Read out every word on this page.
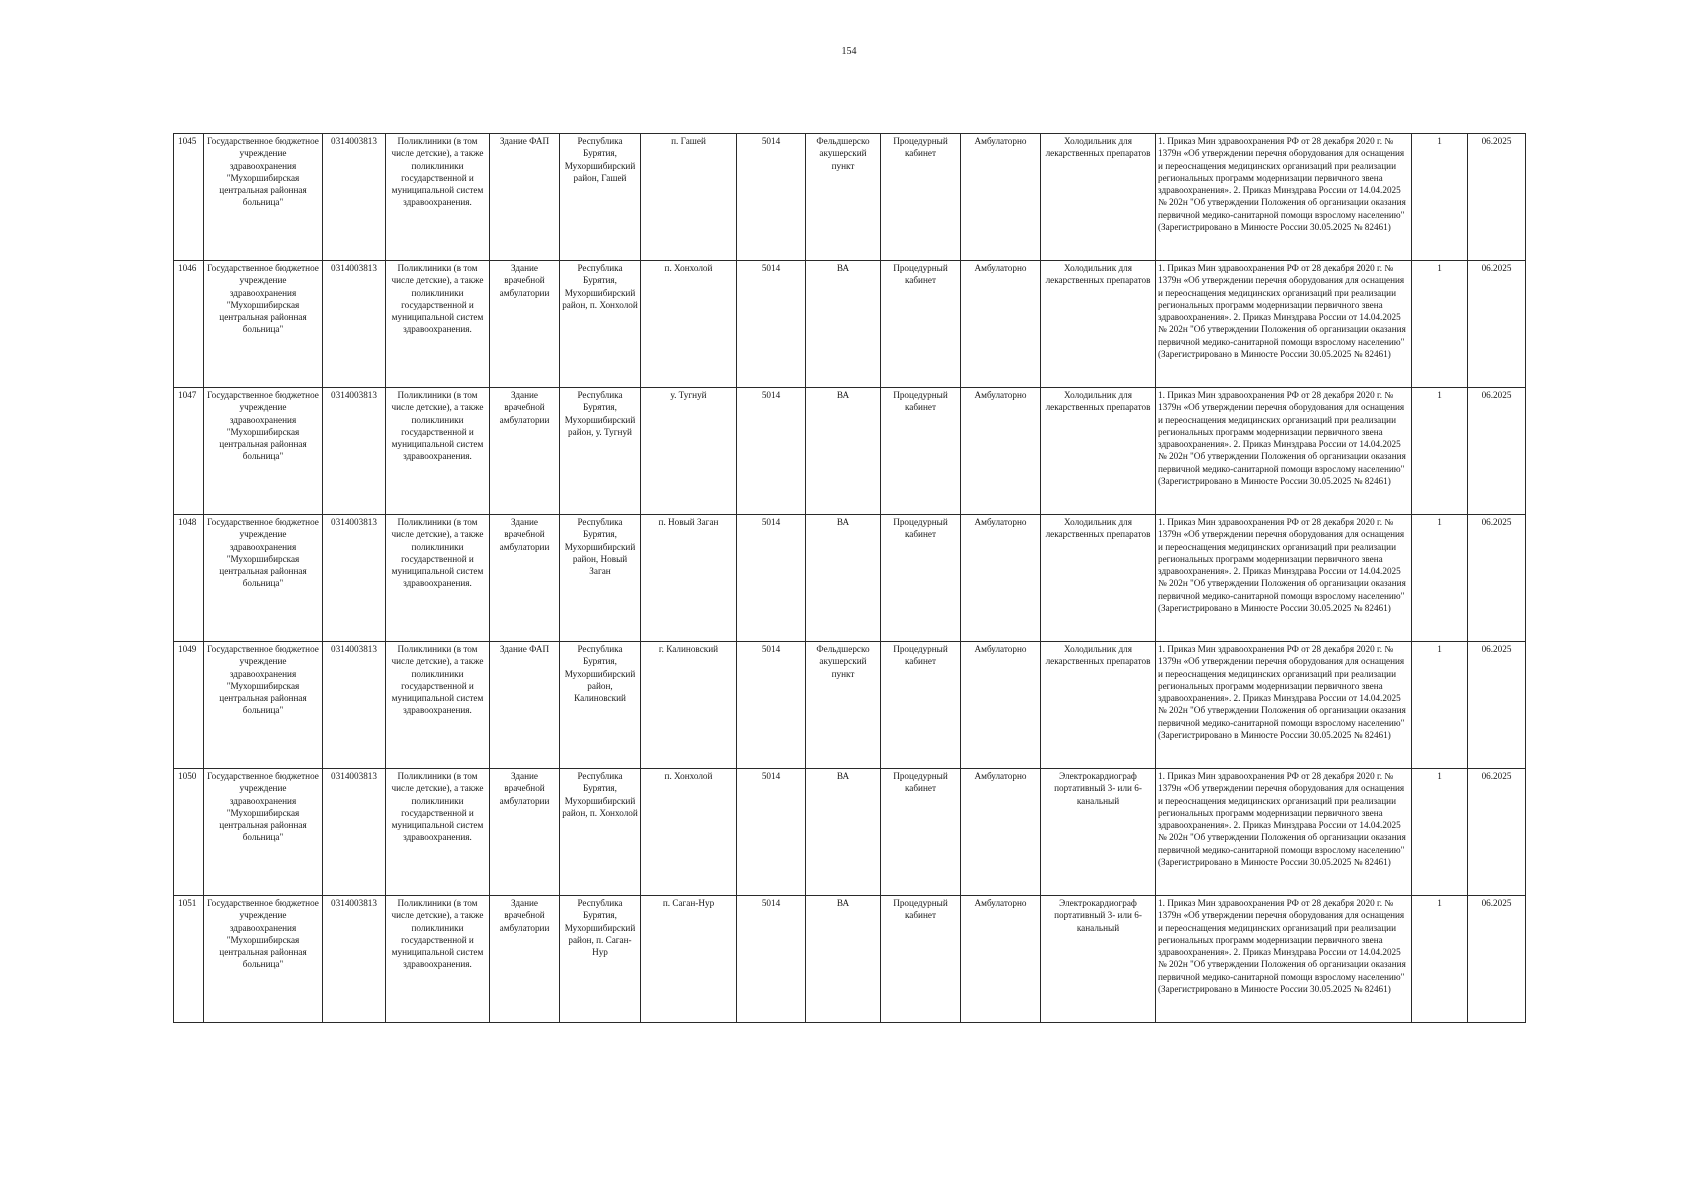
154
1045	Государственное бюджетное учреждение здравоохранения "Мухоршибирская центральная районная больница"	0314003813	Поликлиники (в том числе детские), а также поликлиники государственной и муниципальной систем здравоохранения.	Здание ФАП	Республика Бурятия, Мухоршибирский район, Гашей	п. Гашей	5014	Фельдшерско акушерский пункт	Процедурный кабинет	Амбулаторно	Холодильник для лекарственных препаратов	1. Приказ Мин здравоохранения РФ от 28 декабря 2020 г. № 1379н «Об утверждении перечня оборудования для оснащения и переоснащения медицинских организаций при реализации региональных программ модернизации первичного звена здравоохранения». 2. Приказ Минздрава России от 14.04.2025 № 202н "Об утверждении Положения об организации оказания первичной медико-санитарной помощи взрослому населению" (Зарегистрировано в Минюсте России 30.05.2025 № 82461)	1	06.2025
1046	Государственное бюджетное учреждение здравоохранения "Мухоршибирская центральная районная больница"	0314003813	Поликлиники (в том числе детские), а также поликлиники государственной и муниципальной систем здравоохранения.	Здание врачебной амбулатории	Республика Бурятия, Мухоршибирский район, п. Хонхолой	п. Хонхолой	5014	ВА	Процедурный кабинет	Амбулаторно	Холодильник для лекарственных препаратов	1. Приказ Мин здравоохранения РФ от 28 декабря 2020 г. № 1379н «Об утверждении перечня оборудования для оснащения и переоснащения медицинских организаций при реализации региональных программ модернизации первичного звена здравоохранения». 2. Приказ Минздрава России от 14.04.2025 № 202н "Об утверждении Положения об организации оказания первичной медико-санитарной помощи взрослому населению" (Зарегистрировано в Минюсте России 30.05.2025 № 82461)	1	06.2025
1047	Государственное бюджетное учреждение здравоохранения "Мухоршибирская центральная районная больница"	0314003813	Поликлиники (в том числе детские), а также поликлиники государственной и муниципальной систем здравоохранения.	Здание врачебной амбулатории	Республика Бурятия, Мухоршибирский район, у. Тугнуй	у. Тугнуй	5014	ВА	Процедурный кабинет	Амбулаторно	Холодильник для лекарственных препаратов	1. Приказ Мин здравоохранения РФ от 28 декабря 2020 г. № 1379н «Об утверждении перечня оборудования для оснащения и переоснащения медицинских организаций при реализации региональных программ модернизации первичного звена здравоохранения». 2. Приказ Минздрава России от 14.04.2025 № 202н "Об утверждении Положения об организации оказания первичной медико-санитарной помощи взрослому населению" (Зарегистрировано в Минюсте России 30.05.2025 № 82461)	1	06.2025
1048	Государственное бюджетное учреждение здравоохранения "Мухоршибирская центральная районная больница"	0314003813	Поликлиники (в том числе детские), а также поликлиники государственной и муниципальной систем здравоохранения.	Здание врачебной амбулатории	Республика Бурятия, Мухоршибирский район, Новый Заган	п. Новый Заган	5014	ВА	Процедурный кабинет	Амбулаторно	Холодильник для лекарственных препаратов	1. Приказ Мин здравоохранения РФ от 28 декабря 2020 г. № 1379н «Об утверждении перечня оборудования для оснащения и переоснащения медицинских организаций при реализации региональных программ модернизации первичного звена здравоохранения». 2. Приказ Минздрава России от 14.04.2025 № 202н "Об утверждении Положения об организации оказания первичной медико-санитарной помощи взрослому населению" (Зарегистрировано в Минюсте России 30.05.2025 № 82461)	1	06.2025
1049	Государственное бюджетное учреждение здравоохранения "Мухоршибирская центральная районная больница"	0314003813	Поликлиники (в том числе детские), а также поликлиники государственной и муниципальной систем здравоохранения.	Здание ФАП	Республика Бурятия, Мухоршибирский район, Калиновский	г. Калиновский	5014	Фельдшерско акушерский пункт	Процедурный кабинет	Амбулаторно	Холодильник для лекарственных препаратов	1. Приказ Мин здравоохранения РФ от 28 декабря 2020 г. № 1379н «Об утверждении перечня оборудования для оснащения и переоснащения медицинских организаций при реализации региональных программ модернизации первичного звена здравоохранения». 2. Приказ Минздрава России от 14.04.2025 № 202н "Об утверждении Положения об организации оказания первичной медико-санитарной помощи взрослому населению" (Зарегистрировано в Минюсте России 30.05.2025 № 82461)	1	06.2025
1050	Государственное бюджетное учреждение здравоохранения "Мухоршибирская центральная районная больница"	0314003813	Поликлиники (в том числе детские), а также поликлиники государственной и муниципальной систем здравоохранения.	Здание врачебной амбулатории	Республика Бурятия, Мухоршибирский район, п. Хонхолой	п. Хонхолой	5014	ВА	Процедурный кабинет	Амбулаторно	Электрокардиограф портативный 3- или 6-канальный	1. Приказ Мин здравоохранения РФ от 28 декабря 2020 г. № 1379н «Об утверждении перечня оборудования для оснащения и переоснащения медицинских организаций при реализации региональных программ модернизации первичного звена здравоохранения». 2. Приказ Минздрава России от 14.04.2025 № 202н "Об утверждении Положения об организации оказания первичной медико-санитарной помощи взрослому населению" (Зарегистрировано в Минюсте России 30.05.2025 № 82461)	1	06.2025
1051	Государственное бюджетное учреждение здравоохранения "Мухоршибирская центральная районная больница"	0314003813	Поликлиники (в том числе детские), а также поликлиники государственной и муниципальной систем здравоохранения.	Здание врачебной амбулатории	Республика Бурятия, Мухоршибирский район, п. Саган-Нур	п. Саган-Нур	5014	ВА	Процедурный кабинет	Амбулаторно	Электрокардиограф портативный 3- или 6-канальный	1. Приказ Мин здравоохранения РФ от 28 декабря 2020 г. № 1379н «Об утверждении перечня оборудования для оснащения и переоснащения медицинских организаций при реализации региональных программ модернизации первичного звена здравоохранения». 2. Приказ Минздрава России от 14.04.2025 № 202н "Об утверждении Положения об организации оказания первичной медико-санитарной помощи взрослому населению" (Зарегистрировано в Минюсте России 30.05.2025 № 82461)	1	06.2025
